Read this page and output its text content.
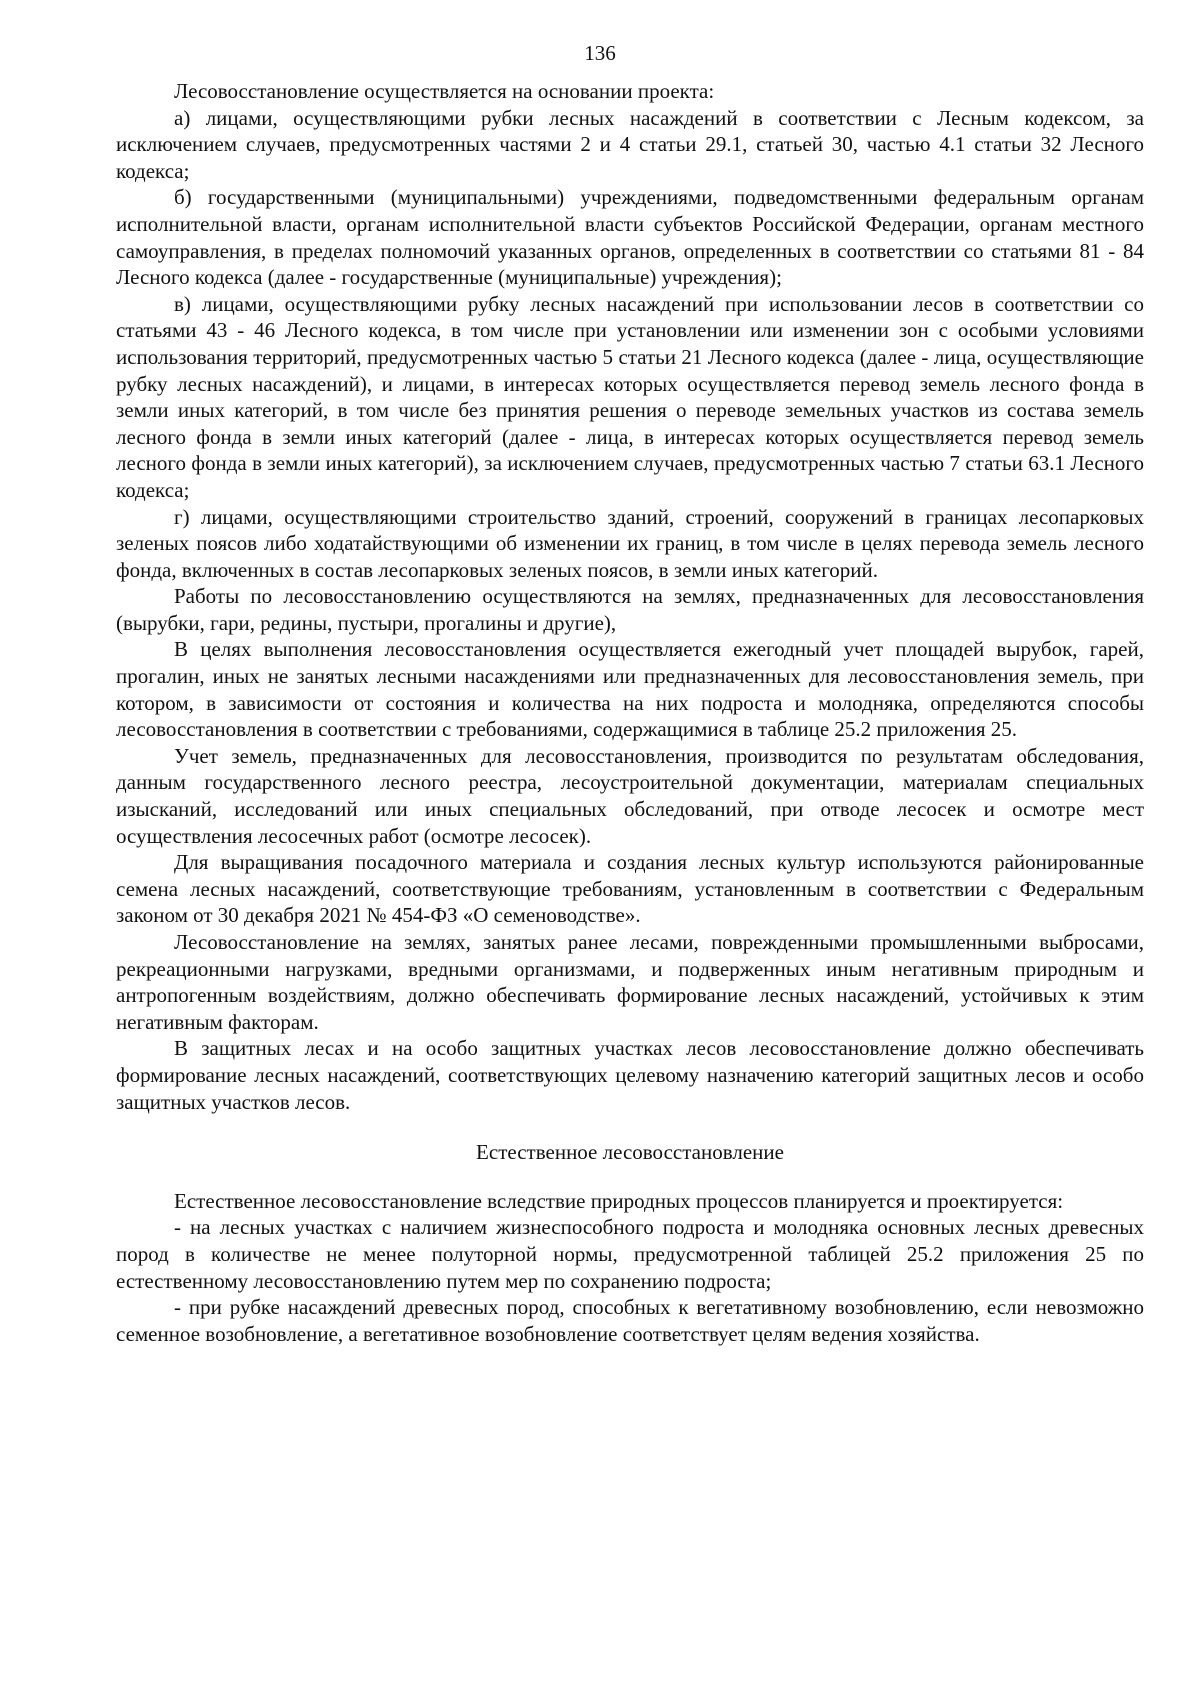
136

Лесовосстановление осуществляется на основании проекта:

а) лицами, осуществляющими рубки лесных насаждений в соответствии с Лесным кодексом, за исключением случаев, предусмотренных частями 2 и 4 статьи 29.1, статьей 30, частью 4.1 статьи 32 Лесного кодекса;

б) государственными (муниципальными) учреждениями, подведомственными федеральным органам исполнительной власти, органам исполнительной власти субъектов Российской Федерации, органам местного самоуправления, в пределах полномочий указанных органов, определенных в соответствии со статьями 81 - 84 Лесного кодекса (далее - государственные (муниципальные) учреждения);

в) лицами, осуществляющими рубку лесных насаждений при использовании лесов в соответствии со статьями 43 - 46 Лесного кодекса, в том числе при установлении или изменении зон с особыми условиями использования территорий, предусмотренных частью 5 статьи 21 Лесного кодекса (далее - лица, осуществляющие рубку лесных насаждений), и лицами, в интересах которых осуществляется перевод земель лесного фонда в земли иных категорий, в том числе без принятия решения о переводе земельных участков из состава земель лесного фонда в земли иных категорий (далее - лица, в интересах которых осуществляется перевод земель лесного фонда в земли иных категорий), за исключением случаев, предусмотренных частью 7 статьи 63.1 Лесного кодекса;

г) лицами, осуществляющими строительство зданий, строений, сооружений в границах лесопарковых зеленых поясов либо ходатайствующими об изменении их границ, в том числе в целях перевода земель лесного фонда, включенных в состав лесопарковых зеленых поясов, в земли иных категорий.

Работы по лесовосстановлению осуществляются на землях, предназначенных для лесовосстановления (вырубки, гари, редины, пустыри, прогалины и другие),

В целях выполнения лесовосстановления осуществляется ежегодный учет площадей вырубок, гарей, прогалин, иных не занятых лесными насаждениями или предназначенных для лесовосстановления земель, при котором, в зависимости от состояния и количества на них подроста и молодняка, определяются способы лесовосстановления в соответствии с требованиями, содержащимися в таблице 25.2 приложения 25.

Учет земель, предназначенных для лесовосстановления, производится по результатам обследования, данным государственного лесного реестра, лесоустроительной документации, материалам специальных изысканий, исследований или иных специальных обследований, при отводе лесосек и осмотре мест осуществления лесосечных работ (осмотре лесосек).

Для выращивания посадочного материала и создания лесных культур используются районированные семена лесных насаждений, соответствующие требованиям, установленным в соответствии с Федеральным законом от 30 декабря 2021 № 454-ФЗ «О семеноводстве».

Лесовосстановление на землях, занятых ранее лесами, поврежденными промышленными выбросами, рекреационными нагрузками, вредными организмами, и подверженных иным негативным природным и антропогенным воздействиям, должно обеспечивать формирование лесных насаждений, устойчивых к этим негативным факторам.

В защитных лесах и на особо защитных участках лесов лесовосстановление должно обеспечивать формирование лесных насаждений, соответствующих целевому назначению категорий защитных лесов и особо защитных участков лесов.

Естественное лесовосстановление

Естественное лесовосстановление вследствие природных процессов планируется и проектируется:

- на лесных участках с наличием жизнеспособного подроста и молодняка основных лесных древесных пород в количестве не менее полуторной нормы, предусмотренной таблицей 25.2 приложения 25 по естественному лесовосстановлению путем мер по сохранению подроста;

- при рубке насаждений древесных пород, способных к вегетативному возобновлению, если невозможно семенное возобновление, а вегетативное возобновление соответствует целям ведения хозяйства.
